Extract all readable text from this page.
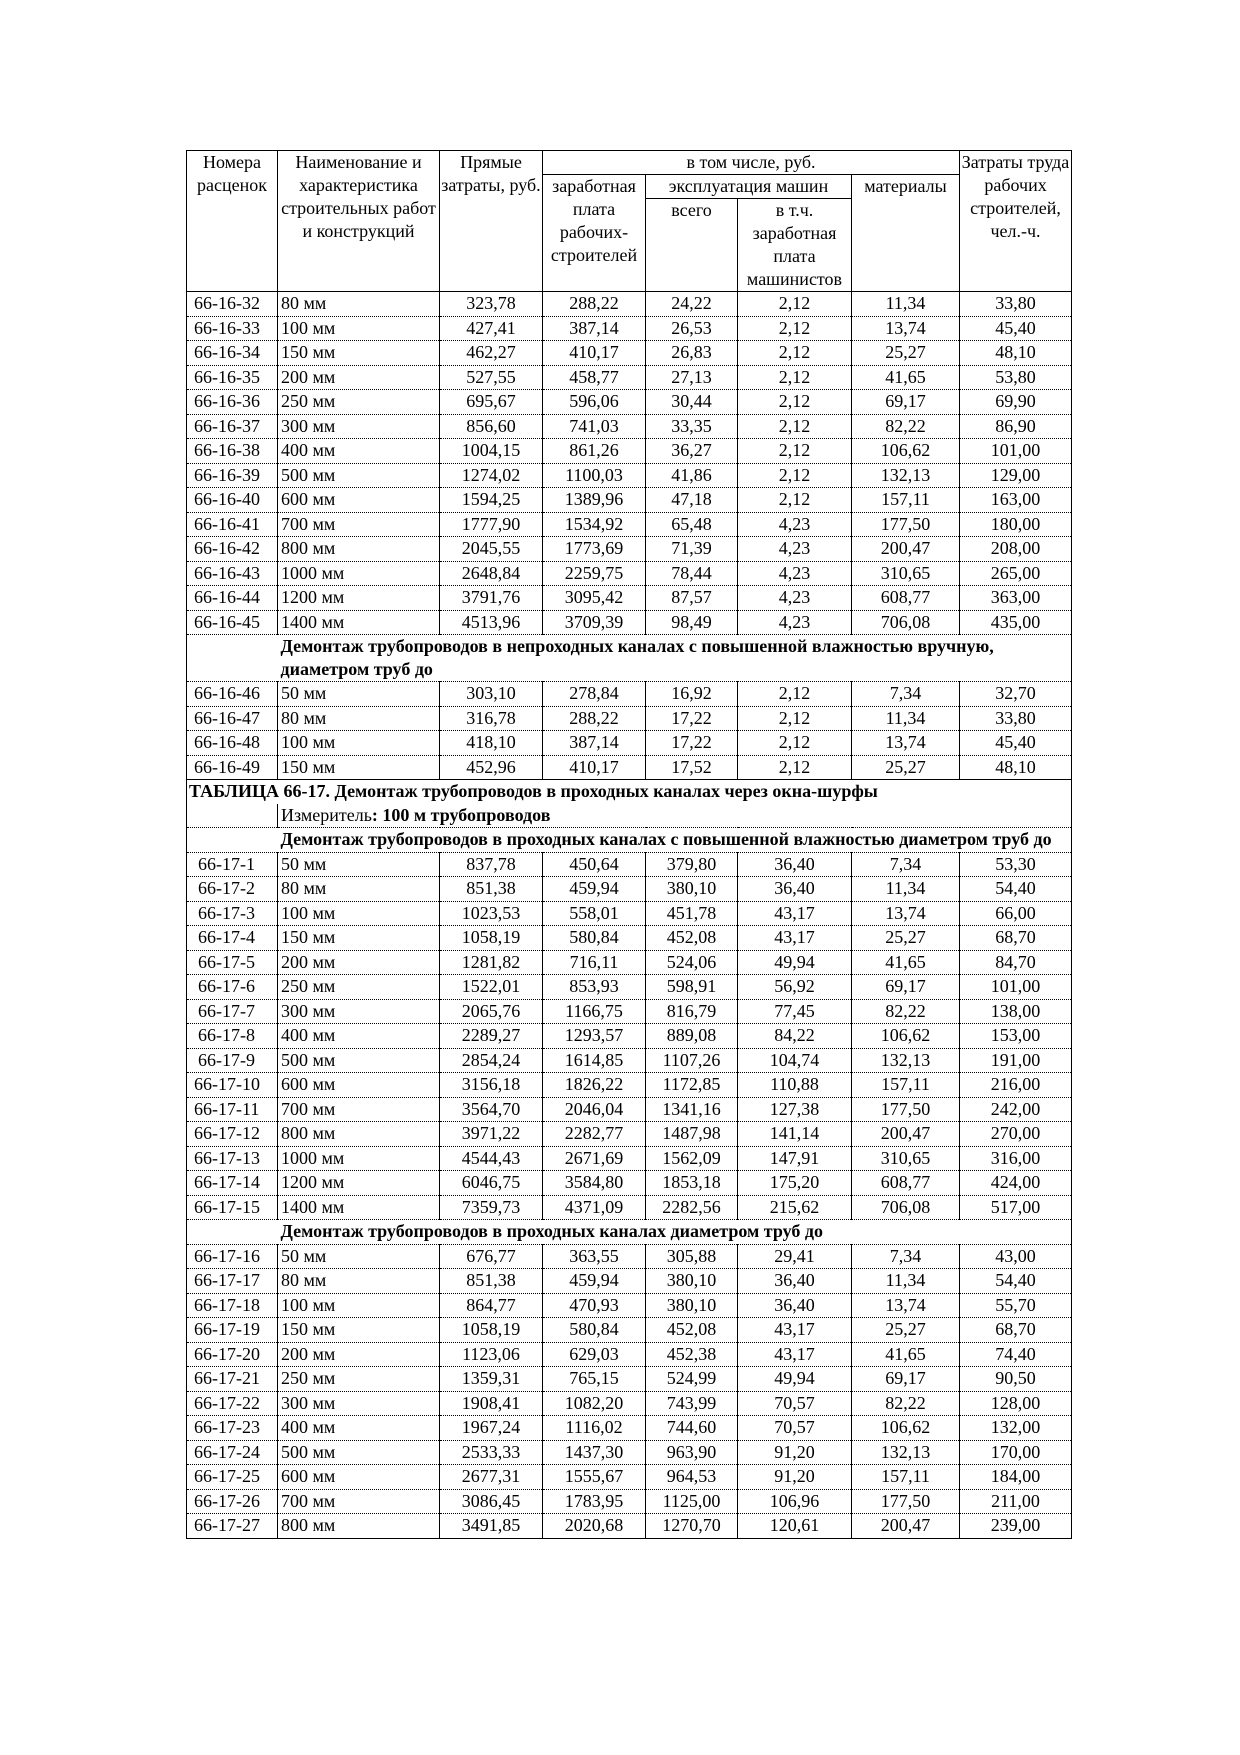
Номера расценок	Наименование и характеристика строительных работ и конструкций	Прямые затраты, руб.	в том числе, руб.				Затраты труда рабочих строителей, чел.-ч.
			заработная плата рабочих-строителей	эксплуатация машин		материалы	
				всего	в т.ч. заработная плата машинистов		

66-16-32	80 мм	323,78	288,22	24,22	2,12	11,34	33,80
66-16-33	100 мм	427,41	387,14	26,53	2,12	13,74	45,40
66-16-34	150 мм	462,27	410,17	26,83	2,12	25,27	48,10
66-16-35	200 мм	527,55	458,77	27,13	2,12	41,65	53,80
66-16-36	250 мм	695,67	596,06	30,44	2,12	69,17	69,90
66-16-37	300 мм	856,60	741,03	33,35	2,12	82,22	86,90
66-16-38	400 мм	1004,15	861,26	36,27	2,12	106,62	101,00
66-16-39	500 мм	1274,02	1100,03	41,86	2,12	132,13	129,00
66-16-40	600 мм	1594,25	1389,96	47,18	2,12	157,11	163,00
66-16-41	700 мм	1777,90	1534,92	65,48	4,23	177,50	180,00
66-16-42	800 мм	2045,55	1773,69	71,39	4,23	200,47	208,00
66-16-43	1000 мм	2648,84	2259,75	78,44	4,23	310,65	265,00
66-16-44	1200 мм	3791,76	3095,42	87,57	4,23	608,77	363,00
66-16-45	1400 мм	4513,96	3709,39	98,49	4,23	706,08	435,00
	Демонтаж трубопроводов в непроходных каналах с повышенной влажностью вручную, диаметром труб до						
66-16-46	50 мм	303,10	278,84	16,92	2,12	7,34	32,70
66-16-47	80 мм	316,78	288,22	17,22	2,12	11,34	33,80
66-16-48	100 мм	418,10	387,14	17,22	2,12	13,74	45,40
66-16-49	150 мм	452,96	410,17	17,52	2,12	25,27	48,10
ТАБЛИЦА 66-17. Демонтаж трубопроводов в проходных каналах через окна-шурфы							
	Измеритель: 100 м трубопроводов						
	Демонтаж трубопроводов в проходных каналах с повышенной влажностью диаметром труб до						
66-17-1	50 мм	837,78	450,64	379,80	36,40	7,34	53,30
66-17-2	80 мм	851,38	459,94	380,10	36,40	11,34	54,40
66-17-3	100 мм	1023,53	558,01	451,78	43,17	13,74	66,00
66-17-4	150 мм	1058,19	580,84	452,08	43,17	25,27	68,70
66-17-5	200 мм	1281,82	716,11	524,06	49,94	41,65	84,70
66-17-6	250 мм	1522,01	853,93	598,91	56,92	69,17	101,00
66-17-7	300 мм	2065,76	1166,75	816,79	77,45	82,22	138,00
66-17-8	400 мм	2289,27	1293,57	889,08	84,22	106,62	153,00
66-17-9	500 мм	2854,24	1614,85	1107,26	104,74	132,13	191,00
66-17-10	600 мм	3156,18	1826,22	1172,85	110,88	157,11	216,00
66-17-11	700 мм	3564,70	2046,04	1341,16	127,38	177,50	242,00
66-17-12	800 мм	3971,22	2282,77	1487,98	141,14	200,47	270,00
66-17-13	1000 мм	4544,43	2671,69	1562,09	147,91	310,65	316,00
66-17-14	1200 мм	6046,75	3584,80	1853,18	175,20	608,77	424,00
66-17-15	1400 мм	7359,73	4371,09	2282,56	215,62	706,08	517,00
	Демонтаж трубопроводов в проходных каналах диаметром труб до						
66-17-16	50 мм	676,77	363,55	305,88	29,41	7,34	43,00
66-17-17	80 мм	851,38	459,94	380,10	36,40	11,34	54,40
66-17-18	100 мм	864,77	470,93	380,10	36,40	13,74	55,70
66-17-19	150 мм	1058,19	580,84	452,08	43,17	25,27	68,70
66-17-20	200 мм	1123,06	629,03	452,38	43,17	41,65	74,40
66-17-21	250 мм	1359,31	765,15	524,99	49,94	69,17	90,50
66-17-22	300 мм	1908,41	1082,20	743,99	70,57	82,22	128,00
66-17-23	400 мм	1967,24	1116,02	744,60	70,57	106,62	132,00
66-17-24	500 мм	2533,33	1437,30	963,90	91,20	132,13	170,00
66-17-25	600 мм	2677,31	1555,67	964,53	91,20	157,11	184,00
66-17-26	700 мм	3086,45	1783,95	1125,00	106,96	177,50	211,00
66-17-27	800 мм	3491,85	2020,68	1270,70	120,61	200,47	239,00
